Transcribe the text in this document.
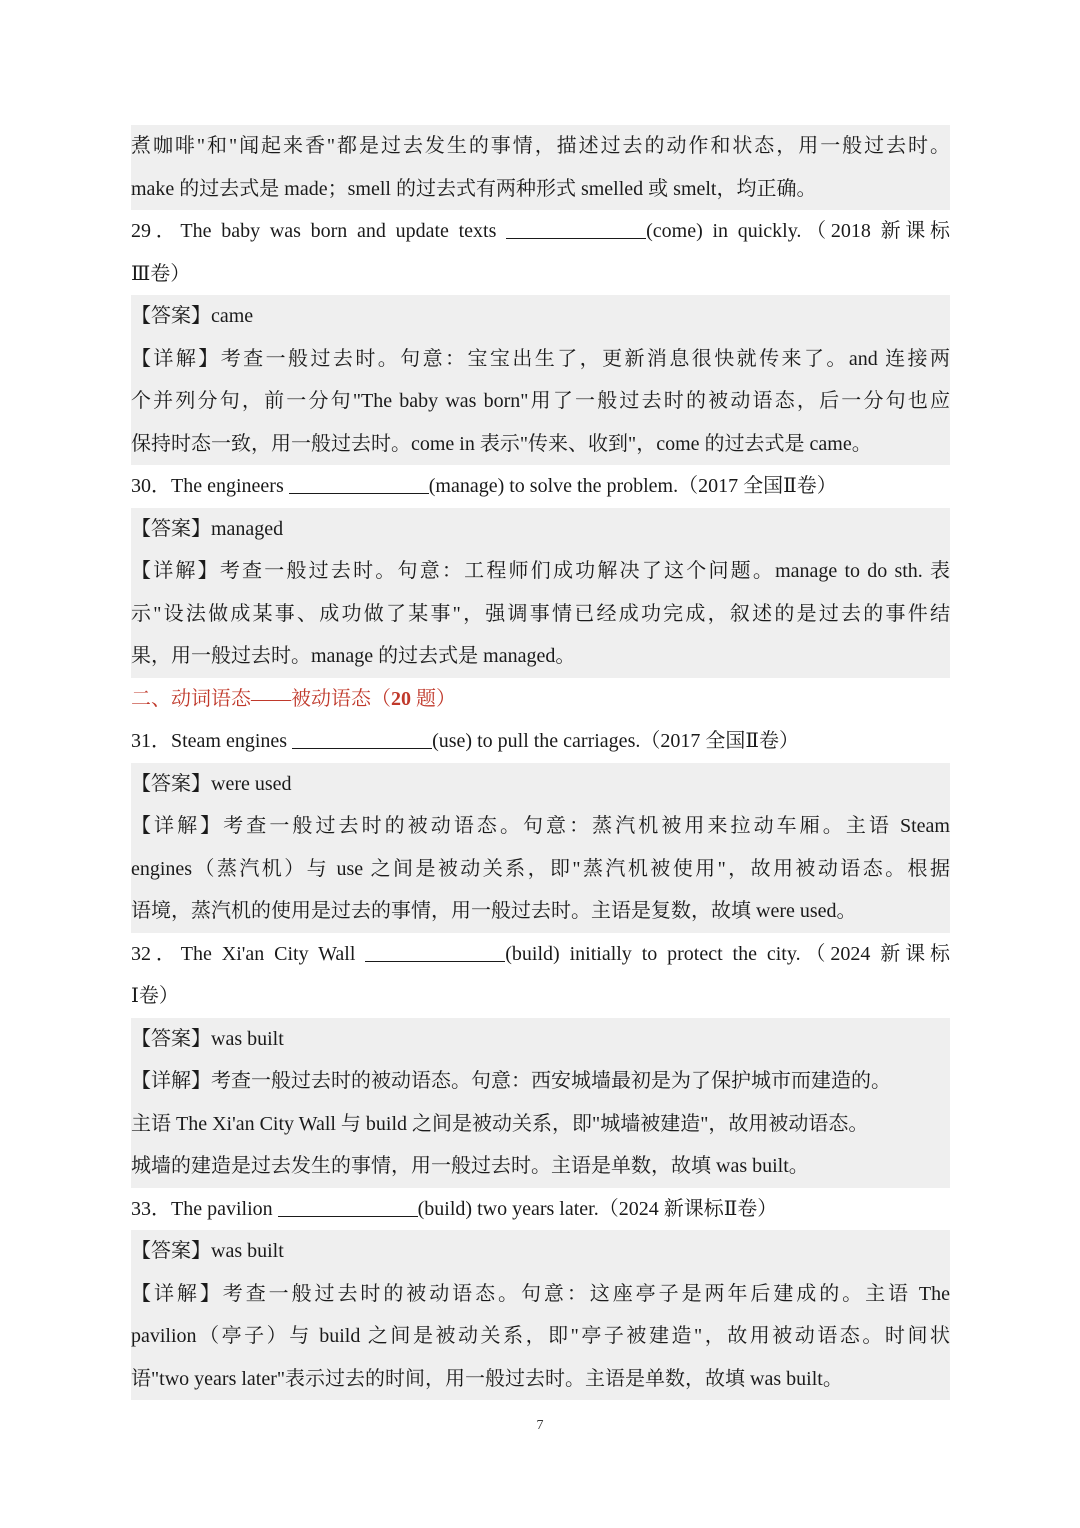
煮咖啡"和"闻起来香"都是过去发生的事情，描述过去的动作和状态，用一般过去时。
make 的过去式是 made；smell 的过去式有两种形式 smelled 或 smelt，均正确。
29．The baby was born and update texts	(come) in quickly.（2018 新课标
Ⅲ卷）
【答案】came
【详解】考查一般过去时。句意：宝宝出生了，更新消息很快就传来了。and 连接两
个并列分句，前一分句"The baby was born"用了一般过去时的被动语态，后一分句也应
保持时态一致，用一般过去时。come in 表示"传来、收到"，come 的过去式是 came。
30．The engineers	(manage) to solve the problem.（2017 全国Ⅱ卷）
【答案】managed
【详解】考查一般过去时。句意：工程师们成功解决了这个问题。manage to do sth. 表
示"设法做成某事、成功做了某事"，强调事情已经成功完成，叙述的是过去的事件结
果，用一般过去时。manage 的过去式是 managed。
二、动词语态——被动语态（20 题）
31．Steam engines	(use) to pull the carriages.（2017 全国Ⅱ卷）
【答案】were used
【详解】考查一般过去时的被动语态。句意：蒸汽机被用来拉动车厢。主语 Steam
engines（蒸汽机）与 use 之间是被动关系，即"蒸汽机被使用"，故用被动语态。根据
语境，蒸汽机的使用是过去的事情，用一般过去时。主语是复数，故填 were used。
32．The Xi'an City Wall	(build) initially to protect the city.（2024 新课标
Ⅰ卷）
【答案】was built
【详解】考查一般过去时的被动语态。句意：西安城墙最初是为了保护城市而建造的。
主语 The Xi'an City Wall 与 build 之间是被动关系，即"城墙被建造"，故用被动语态。
城墙的建造是过去发生的事情，用一般过去时。主语是单数，故填 was built。
33．The pavilion	(build) two years later.（2024 新课标Ⅱ卷）
【答案】was built
【详解】考查一般过去时的被动语态。句意：这座亭子是两年后建成的。主语 The
pavilion（亭子）与 build 之间是被动关系，即"亭子被建造"，故用被动语态。时间状
语"two years later"表示过去的时间，用一般过去时。主语是单数，故填 was built。
7
